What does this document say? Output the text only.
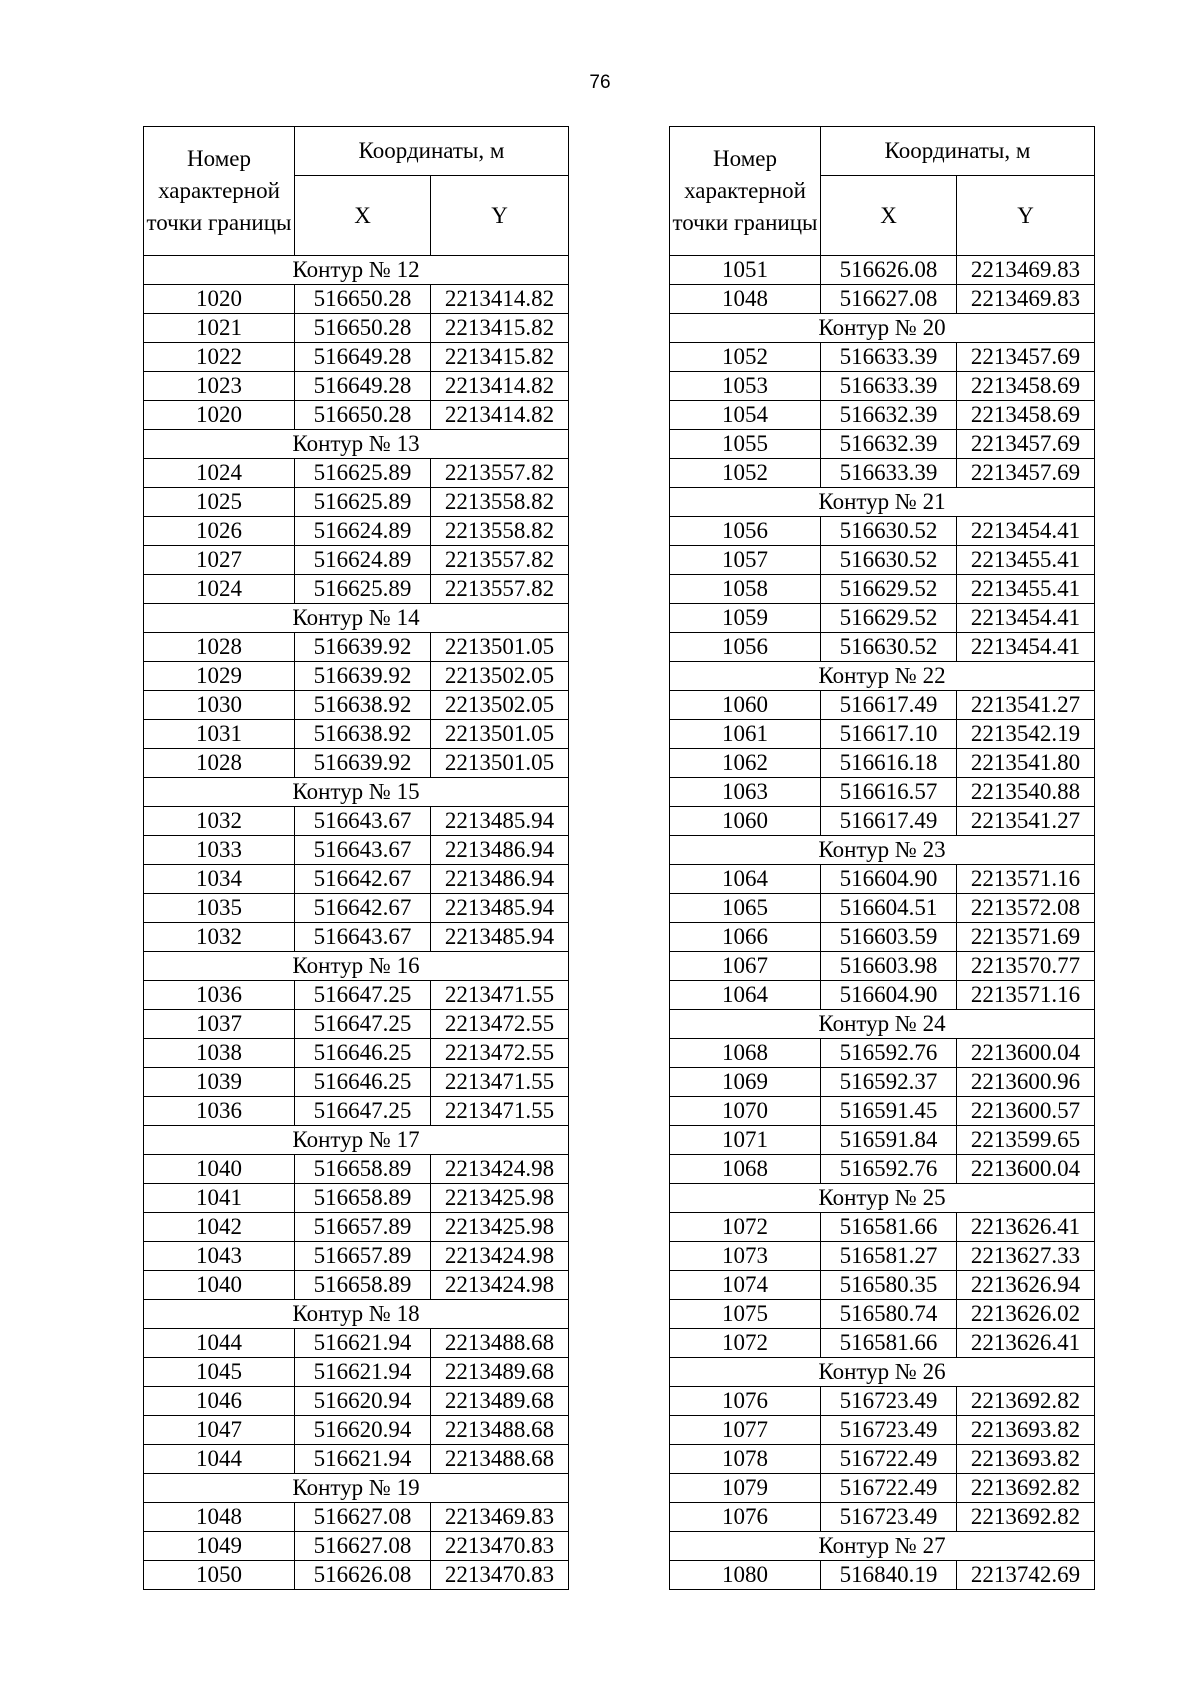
76
Номер характерной точки границы	Координаты, м	
	X	Y
Контур № 12		
1020	516650.28	2213414.82
1021	516650.28	2213415.82
1022	516649.28	2213415.82
1023	516649.28	2213414.82
1020	516650.28	2213414.82
Контур № 13		
1024	516625.89	2213557.82
1025	516625.89	2213558.82
1026	516624.89	2213558.82
1027	516624.89	2213557.82
1024	516625.89	2213557.82
Контур № 14		
1028	516639.92	2213501.05
1029	516639.92	2213502.05
1030	516638.92	2213502.05
1031	516638.92	2213501.05
1028	516639.92	2213501.05
Контур № 15		
1032	516643.67	2213485.94
1033	516643.67	2213486.94
1034	516642.67	2213486.94
1035	516642.67	2213485.94
1032	516643.67	2213485.94
Контур № 16		
1036	516647.25	2213471.55
1037	516647.25	2213472.55
1038	516646.25	2213472.55
1039	516646.25	2213471.55
1036	516647.25	2213471.55
Контур № 17		
1040	516658.89	2213424.98
1041	516658.89	2213425.98
1042	516657.89	2213425.98
1043	516657.89	2213424.98
1040	516658.89	2213424.98
Контур № 18		
1044	516621.94	2213488.68
1045	516621.94	2213489.68
1046	516620.94	2213489.68
1047	516620.94	2213488.68
1044	516621.94	2213488.68
Контур № 19		
1048	516627.08	2213469.83
1049	516627.08	2213470.83
1050	516626.08	2213470.83
Номер характерной точки границы	Координаты, м	
	X	Y
1051	516626.08	2213469.83
1048	516627.08	2213469.83
Контур № 20		
1052	516633.39	2213457.69
1053	516633.39	2213458.69
1054	516632.39	2213458.69
1055	516632.39	2213457.69
1052	516633.39	2213457.69
Контур № 21		
1056	516630.52	2213454.41
1057	516630.52	2213455.41
1058	516629.52	2213455.41
1059	516629.52	2213454.41
1056	516630.52	2213454.41
Контур № 22		
1060	516617.49	2213541.27
1061	516617.10	2213542.19
1062	516616.18	2213541.80
1063	516616.57	2213540.88
1060	516617.49	2213541.27
Контур № 23		
1064	516604.90	2213571.16
1065	516604.51	2213572.08
1066	516603.59	2213571.69
1067	516603.98	2213570.77
1064	516604.90	2213571.16
Контур № 24		
1068	516592.76	2213600.04
1069	516592.37	2213600.96
1070	516591.45	2213600.57
1071	516591.84	2213599.65
1068	516592.76	2213600.04
Контур № 25		
1072	516581.66	2213626.41
1073	516581.27	2213627.33
1074	516580.35	2213626.94
1075	516580.74	2213626.02
1072	516581.66	2213626.41
Контур № 26		
1076	516723.49	2213692.82
1077	516723.49	2213693.82
1078	516722.49	2213693.82
1079	516722.49	2213692.82
1076	516723.49	2213692.82
Контур № 27		
1080	516840.19	2213742.69
